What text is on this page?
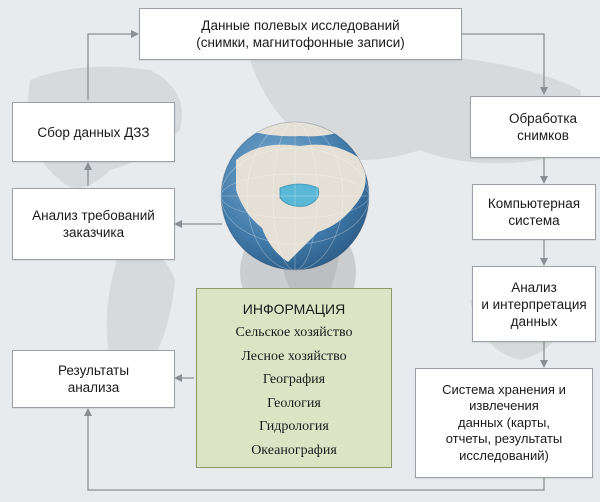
Данные полевых исследований
(снимки, магнитофонные записи)
Сбор данных ДЗЗ
Обработка
снимков
Анализ требований
заказчика
Компьютерная
система
Анализ
и интерпретация
данных
Результаты
анализа	Система хранения и
извлечения
данных (карты,
отчеты, результаты
исследований)
ИНФОРМАЦИЯ
Сельское хозяйство
Лесное хозяйство
География
Геология
Гидрология
Океанография
